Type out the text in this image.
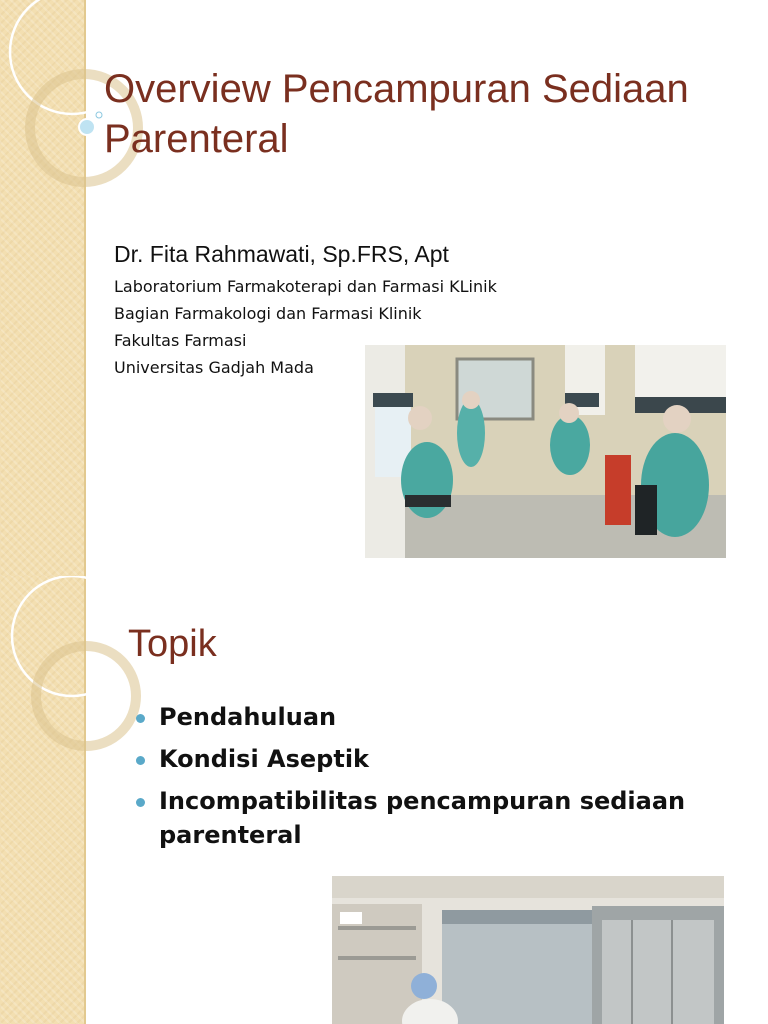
Overview Pencampuran Sediaan Parenteral
Dr. Fita Rahmawati, Sp.FRS, Apt
Laboratorium Farmakoterapi dan Farmasi KLinik
Bagian Farmakologi dan Farmasi Klinik
Fakultas Farmasi
Universitas Gadjah Mada
Topik
Pendahuluan
Kondisi Aseptik
Incompatibilitas pencampuran sediaan parenteral
